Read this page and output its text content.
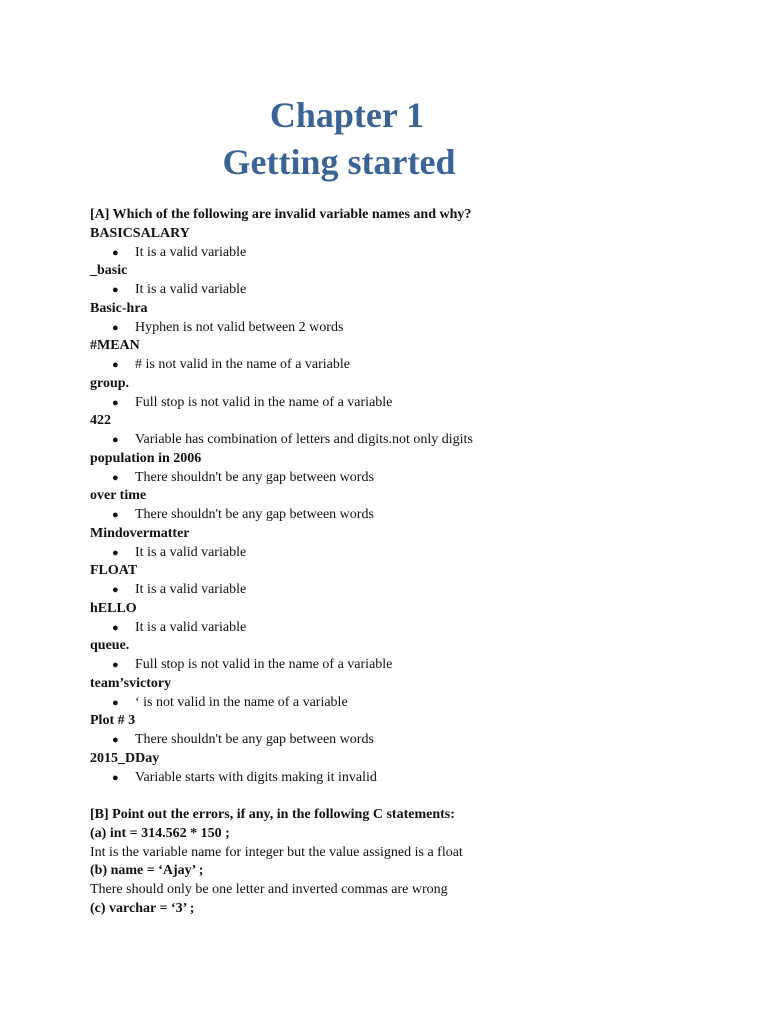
Chapter 1
Getting started
[A] Which of the following are invalid variable names and why?
BASICSALARY
● It is a valid variable
_basic
● It is a valid variable
Basic-hra
● Hyphen is not valid between 2 words
#MEAN
● # is not valid in the name of a variable
group.
● Full stop is not valid in the name of a variable
422
● Variable has combination of letters and digits.not only digits
population in 2006
● There shouldn't be any gap between words
over time
● There shouldn't be any gap between words
Mindovermatter
● It is a valid variable
FLOAT
● It is a valid variable
hELLO
● It is a valid variable
queue.
● Full stop is not valid in the name of a variable
team’svictory
● ‘ is not valid in the name of a variable
Plot # 3
● There shouldn't be any gap between words
2015_DDay
● Variable starts with digits making it invalid
[B] Point out the errors, if any, in the following C statements:
(a) int = 314.562 * 150 ;
Int is the variable name for integer but the value assigned is a float
(b) name = ‘Ajay’ ;
There should only be one letter and inverted commas are wrong
(c) varchar = ‘3’ ;
